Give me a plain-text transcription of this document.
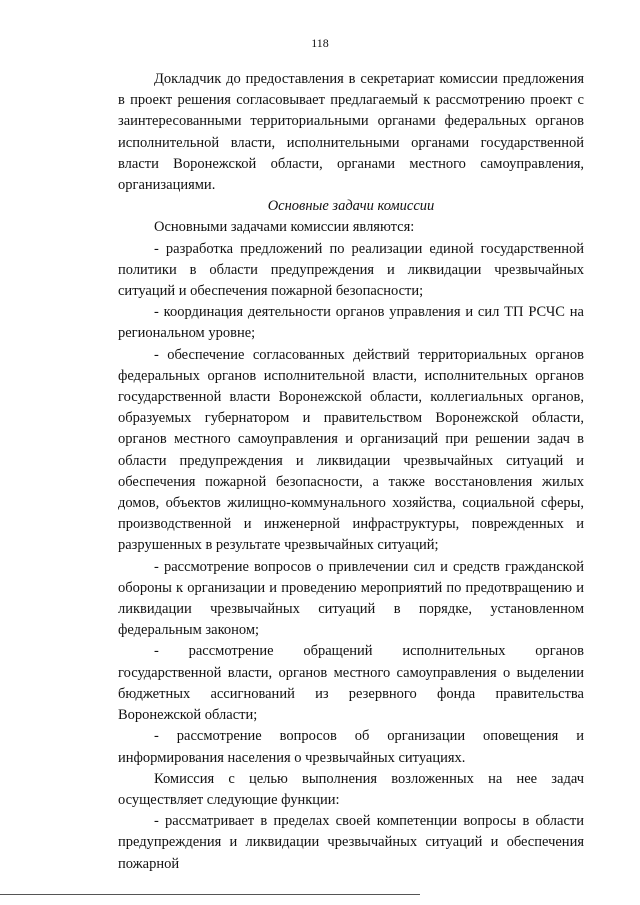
118

Докладчик до предоставления в секретариат комиссии предложения в проект решения согласовывает предлагаемый к рассмотрению проект с заинтересованными территориальными органами федеральных органов исполнительной власти, исполнительными органами государственной власти Воронежской области, органами местного самоуправления, организациями.

Основные задачи комиссии

Основными задачами комиссии являются:

- разработка предложений по реализации единой государственной политики в области предупреждения и ликвидации чрезвычайных ситуаций и обеспечения пожарной безопасности;

- координация деятельности органов управления и сил ТП РСЧС на региональном уровне;

- обеспечение согласованных действий территориальных органов федеральных органов исполнительной власти, исполнительных органов государственной власти Воронежской области, коллегиальных органов, образуемых губернатором и правительством Воронежской области, органов местного самоуправления и организаций при решении задач в области предупреждения и ликвидации чрезвычайных ситуаций и обеспечения пожарной безопасности, а также восстановления жилых домов, объектов жилищно-коммунального хозяйства, социальной сферы, производственной и инженерной инфраструктуры, поврежденных и разрушенных в результате чрезвычайных ситуаций;

- рассмотрение вопросов о привлечении сил и средств гражданской обороны к организации и проведению мероприятий по предотвращению и ликвидации чрезвычайных ситуаций в порядке, установленном федеральным законом;

- рассмотрение обращений исполнительных органов государственной власти, органов местного самоуправления о выделении бюджетных ассигнований из резервного фонда правительства Воронежской области;

- рассмотрение вопросов об организации оповещения и информирования населения о чрезвычайных ситуациях.

Комиссия с целью выполнения возложенных на нее задач осуществляет следующие функции:

- рассматривает в пределах своей компетенции вопросы в области предупреждения и ликвидации чрезвычайных ситуаций и обеспечения пожарной
